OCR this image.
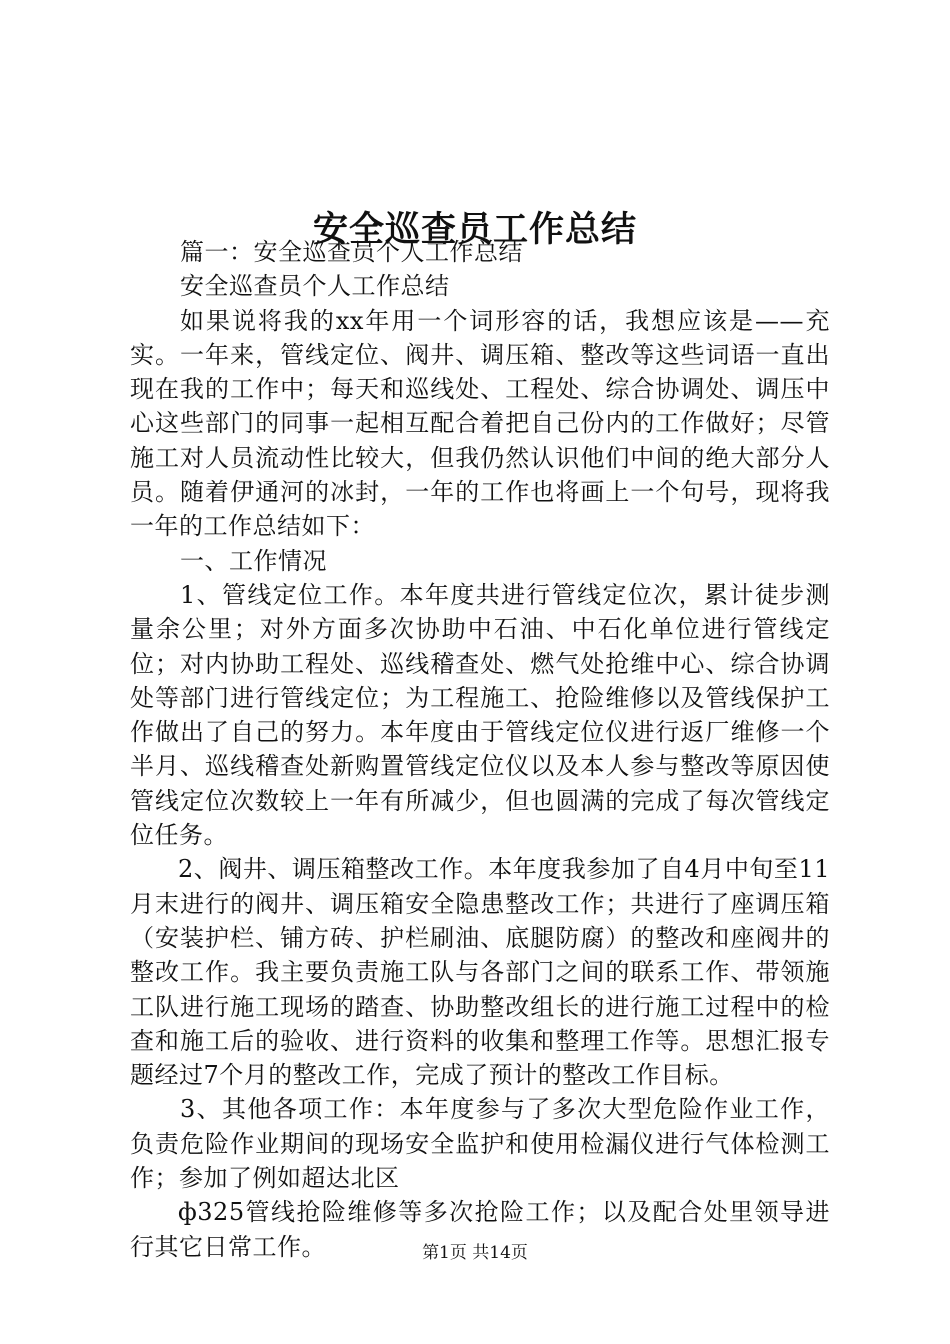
安全巡查员工作总结

篇一：安全巡查员个人工作总结

安全巡查员个人工作总结

如果说将我的xx年用一个词形容的话，我想应该是——充实。一年来，管线定位、阀井、调压箱、整改等这些词语一直出现在我的工作中；每天和巡线处、工程处、综合协调处、调压中心这些部门的同事一起相互配合着把自己份内的工作做好；尽管施工对人员流动性比较大，但我仍然认识他们中间的绝大部分人员。随着伊通河的冰封，一年的工作也将画上一个句号，现将我一年的工作总结如下：

一、工作情况

1、管线定位工作。本年度共进行管线定位次，累计徒步测量余公里；对外方面多次协助中石油、中石化单位进行管线定位；对内协助工程处、巡线稽查处、燃气处抢维中心、综合协调处等部门进行管线定位；为工程施工、抢险维修以及管线保护工作做出了自己的努力。本年度由于管线定位仪进行返厂维修一个半月、巡线稽查处新购置管线定位仪以及本人参与整改等原因使管线定位次数较上一年有所减少，但也圆满的完成了每次管线定位任务。

2、阀井、调压箱整改工作。本年度我参加了自4月中旬至11月末进行的阀井、调压箱安全隐患整改工作；共进行了座调压箱（安装护栏、铺方砖、护栏刷油、底腿防腐）的整改和座阀井的整改工作。我主要负责施工队与各部门之间的联系工作、带领施工队进行施工现场的踏查、协助整改组长的进行施工过程中的检查和施工后的验收、进行资料的收集和整理工作等。思想汇报专题经过7个月的整改工作，完成了预计的整改工作目标。

3、其他各项工作：本年度参与了多次大型危险作业工作，负责危险作业期间的现场安全监护和使用检漏仪进行气体检测工作；参加了例如超达北区

ф325管线抢险维修等多次抢险工作；以及配合处里领导进行其它日常工作。	第1页 共14页
